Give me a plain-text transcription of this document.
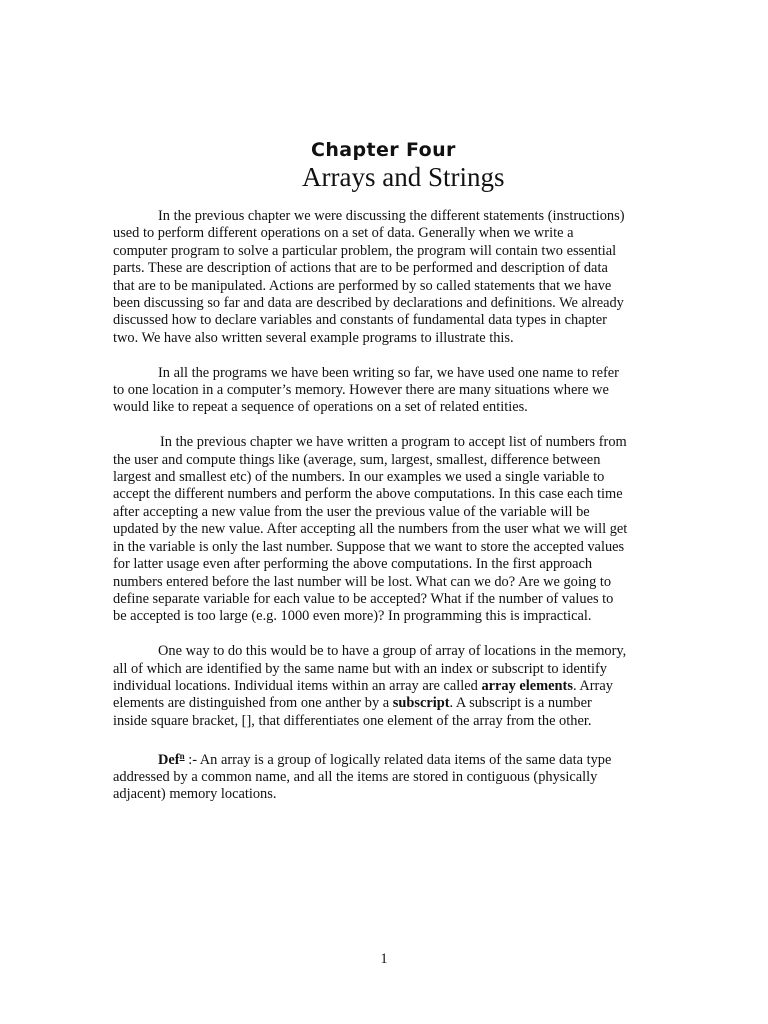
Chapter Four
Arrays and Strings

In the previous chapter we were discussing the different statements (instructions)
used to perform different operations on a set of data. Generally when we write a
computer program to solve a particular problem, the program will contain two essential
parts. These are description of actions that are to be performed and description of data
that are to be manipulated. Actions are performed by so called statements that we have
been discussing so far and data are described by declarations and definitions. We already
discussed how to declare variables and constants of fundamental data types in chapter
two. We have also written several example programs to illustrate this.

In all the programs we have been writing so far, we have used one name to refer
to one location in a computer’s memory. However there are many situations where we
would like to repeat a sequence of operations on a set of related entities.

In the previous chapter we have written a program to accept list of numbers from
the user and compute things like (average, sum, largest, smallest, difference between
largest and smallest etc) of the numbers. In our examples we used a single variable to
accept the different numbers and perform the above computations. In this case each time
after accepting a new value from the user the previous value of the variable will be
updated by the new value. After accepting all the numbers from the user what we will get
in the variable is only the last number. Suppose that we want to store the accepted values
for latter usage even after performing the above computations. In the first approach
numbers entered before the last number will be lost. What can we do? Are we going to
define separate variable for each value to be accepted? What if the number of values to
be accepted is too large (e.g. 1000 even more)? In programming this is impractical.

One way to do this would be to have a group of array of locations in the memory,
all of which are identified by the same name but with an index or subscript to identify
individual locations. Individual items within an array are called array elements. Array
elements are distinguished from one anther by a subscript. A subscript is a number
inside square bracket, [], that differentiates one element of the array from the other.

Def$^n$ :- An array is a group of logically related data items of the same data type
addressed by a common name, and all the items are stored in contiguous (physically
adjacent) memory locations.

1
